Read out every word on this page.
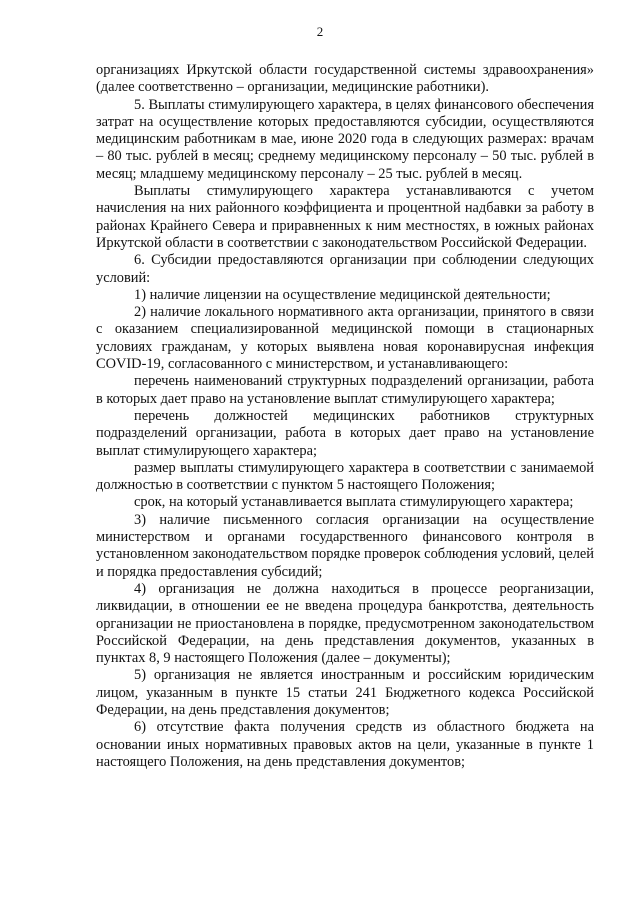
2

организациях Иркутской области государственной системы здравоохранения» (далее соответственно – организации, медицинские работники).

5. Выплаты стимулирующего характера, в целях финансового обеспечения затрат на осуществление которых предоставляются субсидии, осуществляются медицинским работникам в мае, июне 2020 года в следующих размерах: врачам – 80 тыс. рублей в месяц; среднему медицинскому персоналу – 50 тыс. рублей в месяц; младшему медицинскому персоналу – 25 тыс. рублей в месяц.

Выплаты стимулирующего характера устанавливаются с учетом начисления на них районного коэффициента и процентной надбавки за работу в районах Крайнего Севера и приравненных к ним местностях, в южных районах Иркутской области в соответствии с законодательством Российской Федерации.

6. Субсидии предоставляются организации при соблюдении следующих условий:

1) наличие лицензии на осуществление медицинской деятельности;

2) наличие локального нормативного акта организации, принятого в связи с оказанием специализированной медицинской помощи в стационарных условиях гражданам, у которых выявлена новая коронавирусная инфекция COVID-19, согласованного с министерством, и устанавливающего:

перечень наименований структурных подразделений организации, работа в которых дает право на установление выплат стимулирующего характера;

перечень должностей медицинских работников структурных подразделений организации, работа в которых дает право на установление выплат стимулирующего характера;

размер выплаты стимулирующего характера в соответствии с занимаемой должностью в соответствии с пунктом 5 настоящего Положения;

срок, на который устанавливается выплата стимулирующего характера;

3) наличие письменного согласия организации на осуществление министерством и органами государственного финансового контроля в установленном законодательством порядке проверок соблюдения условий, целей и порядка предоставления субсидий;

4) организация не должна находиться в процессе реорганизации, ликвидации, в отношении ее не введена процедура банкротства, деятельность организации не приостановлена в порядке, предусмотренном законодательством Российской Федерации, на день представления документов, указанных в пунктах 8, 9 настоящего Положения (далее – документы);

5) организация не является иностранным и российским юридическим лицом, указанным в пункте 15 статьи 241 Бюджетного кодекса Российской Федерации, на день представления документов;

6) отсутствие факта получения средств из областного бюджета на основании иных нормативных правовых актов на цели, указанные в пункте 1 настоящего Положения, на день представления документов;
